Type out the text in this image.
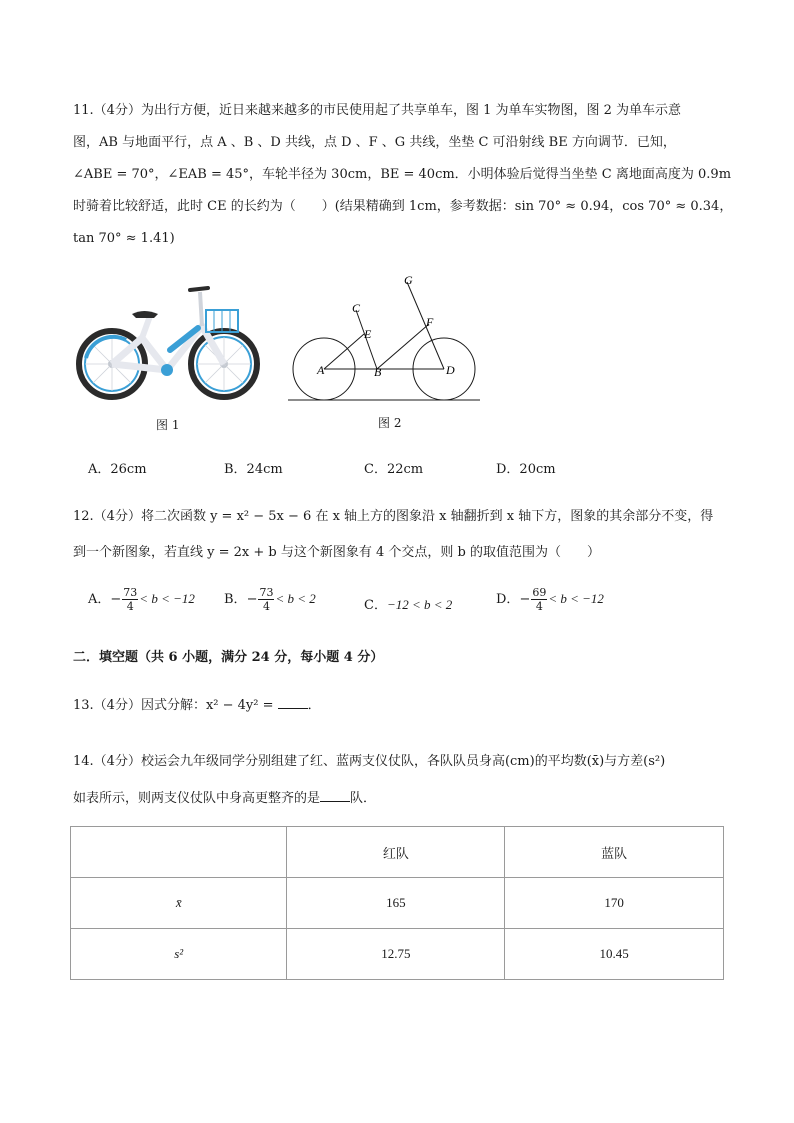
11.（4分）为出行方便，近日来越来越多的市民使用起了共享单车，图 1 为单车实物图，图 2 为单车示意
图，AB 与地面平行，点 A 、B 、D 共线，点 D 、F 、G 共线，坐垫 C 可沿射线 BE 方向调节．已知，
∠ABE = 70°，∠EAB = 45°，车轮半径为 30cm，BE = 40cm．小明体验后觉得当坐垫 C 离地面高度为 0.9m
时骑着比较舒适，此时 CE 的长约为（　　）(结果精确到 1cm，参考数据：sin 70° ≈ 0.94，cos 70° ≈ 0.34，
tan 70° ≈ 1.41)
图 1
G
C
E
F
A	B	D
图 2
A．26cm	B．24cm	C．22cm	D．20cm
12.（4分）将二次函数 y = x² − 5x − 6 在 x 轴上方的图象沿 x 轴翻折到 x 轴下方，图象的其余部分不变，得
到一个新图象，若直线 y = 2x + b 与这个新图象有 4 个交点，则 b 的取值范围为（　　）
A．− $\frac{73}{4} < b < -12$ B．− $\frac{73}{4} < b < 2$	C．−12 < b < 2	D．− $\frac{69}{4} < b < -12$
二．填空题（共 6 小题，满分 24 分，每小题 4 分）
13.（4分）因式分解：x² − 4y² = ．
14.（4分）校运会九年级同学分别组建了红、蓝两支仪仗队，各队队员身高(cm)的平均数(x̄)与方差(s²)
如表所示，则两支仪仗队中身高更整齐的是 队．
	红队	蓝队
x̄	165	170
s²	12.75	10.45
